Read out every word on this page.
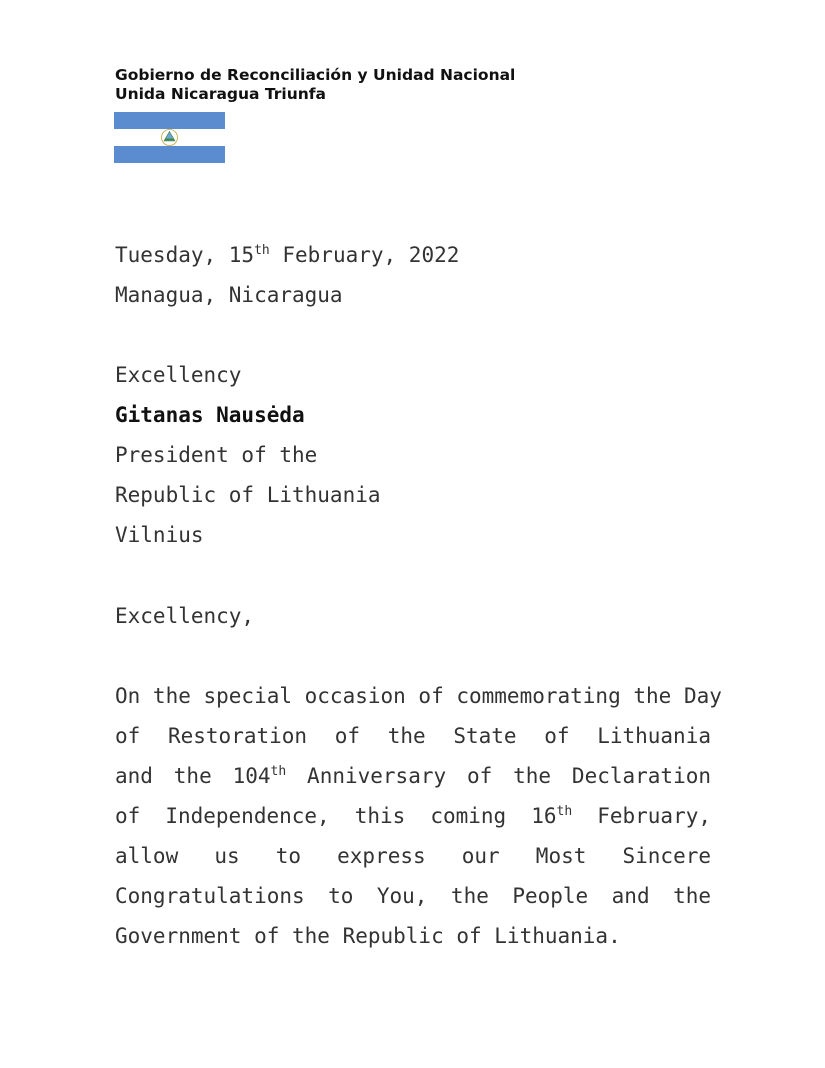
Gobierno de Reconciliación y Unidad Nacional
Unida Nicaragua Triunfa
Tuesday, 15th February, 2022
Managua, Nicaragua
Excellency
Gitanas Nausėda
President of the
Republic of Lithuania
Vilnius
Excellency,
On the special occasion of commemorating the Day
of Restoration of the State of Lithuania
and the 104th Anniversary of the Declaration
of Independence, this coming 16th February,
allow us to express our Most Sincere
Congratulations to You, the People and the
Government of the Republic of Lithuania.
